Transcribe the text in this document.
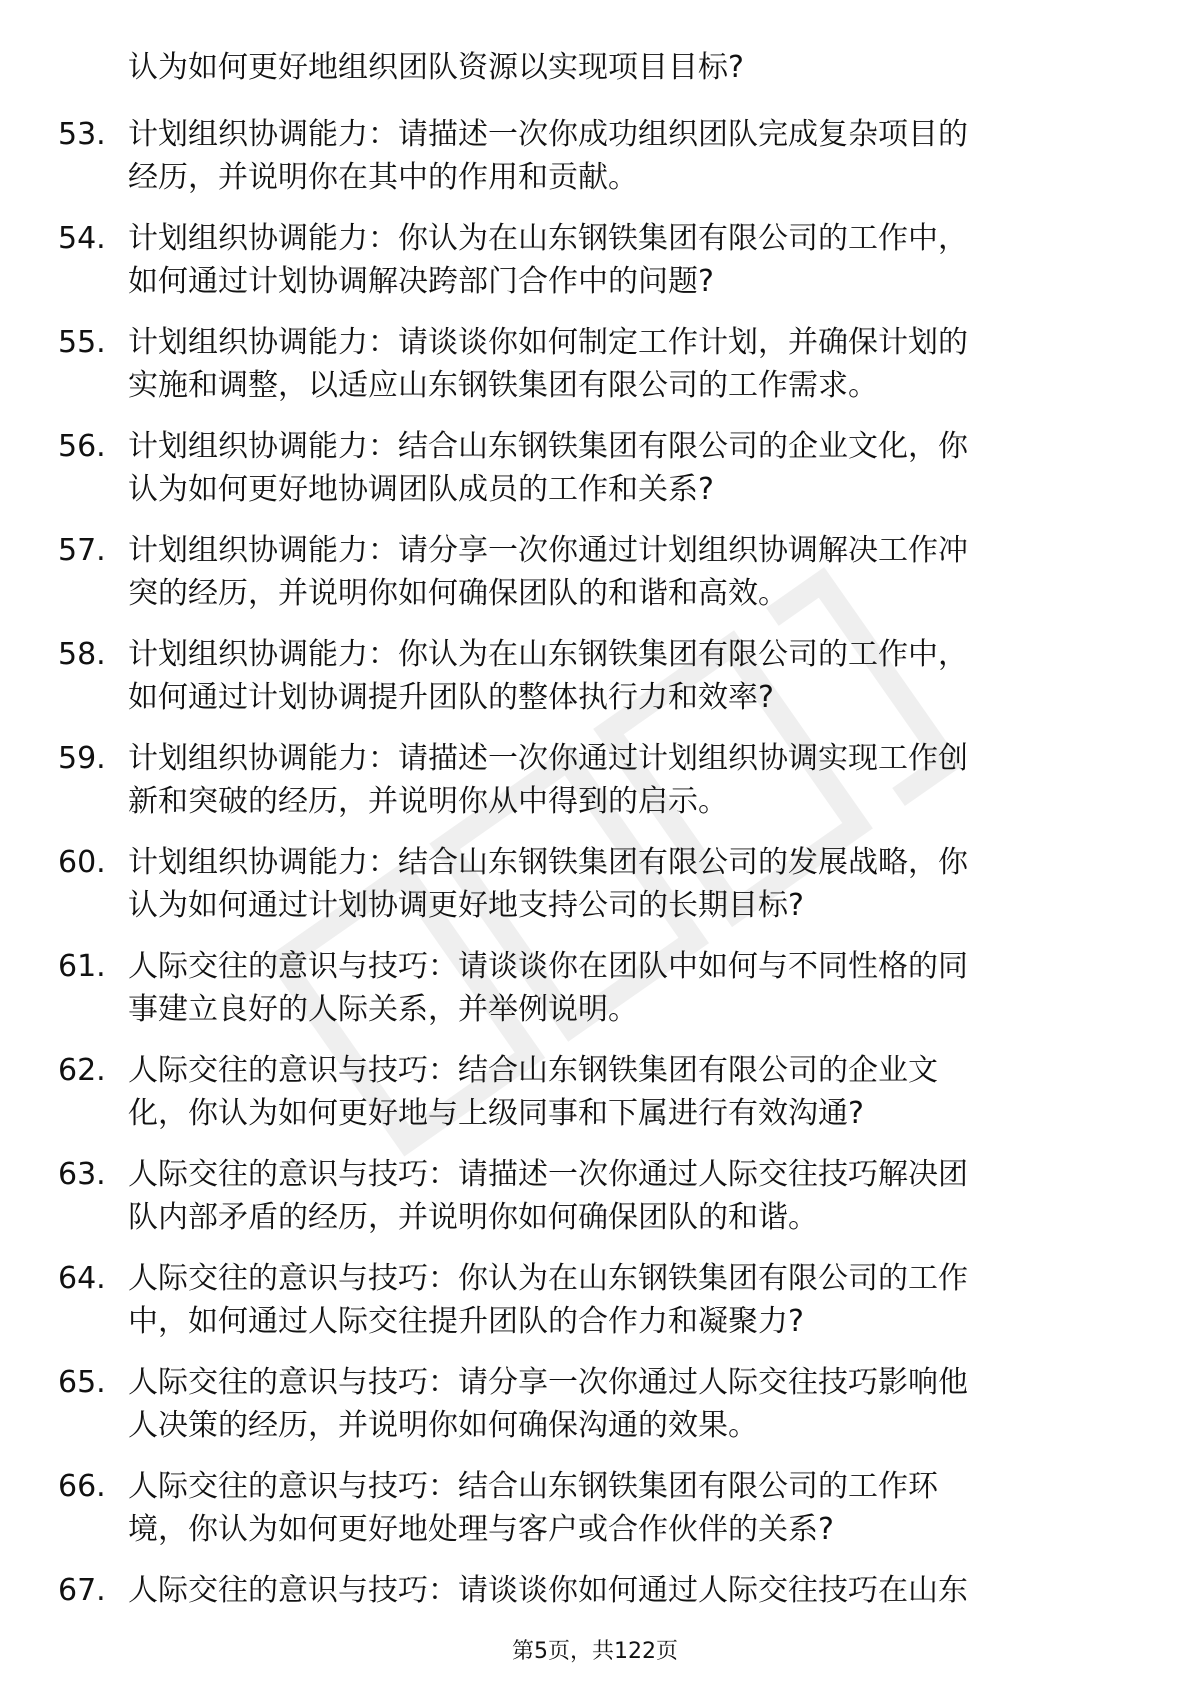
认为如何更好地组织团队资源以实现项目目标?
53. 计划组织协调能力：请描述一次你成功组织团队完成复杂项目的
经历，并说明你在其中的作用和贡献。
54. 计划组织协调能力：你认为在山东钢铁集团有限公司的工作中，
如何通过计划协调解决跨部门合作中的问题?
55. 计划组织协调能力：请谈谈你如何制定工作计划，并确保计划的
实施和调整，以适应山东钢铁集团有限公司的工作需求。
56. 计划组织协调能力：结合山东钢铁集团有限公司的企业文化，你
认为如何更好地协调团队成员的工作和关系?
57. 计划组织协调能力：请分享一次你通过计划组织协调解决工作冲
突的经历，并说明你如何确保团队的和谐和高效。
58. 计划组织协调能力：你认为在山东钢铁集团有限公司的工作中，
如何通过计划协调提升团队的整体执行力和效率?
59. 计划组织协调能力：请描述一次你通过计划组织协调实现工作创
新和突破的经历，并说明你从中得到的启示。
60. 计划组织协调能力：结合山东钢铁集团有限公司的发展战略，你
认为如何通过计划协调更好地支持公司的长期目标?
61. 人际交往的意识与技巧：请谈谈你在团队中如何与不同性格的同
事建立良好的人际关系，并举例说明。
62. 人际交往的意识与技巧：结合山东钢铁集团有限公司的企业文
化，你认为如何更好地与上级同事和下属进行有效沟通?
63. 人际交往的意识与技巧：请描述一次你通过人际交往技巧解决团
队内部矛盾的经历，并说明你如何确保团队的和谐。
64. 人际交往的意识与技巧：你认为在山东钢铁集团有限公司的工作
中，如何通过人际交往提升团队的合作力和凝聚力?
65. 人际交往的意识与技巧：请分享一次你通过人际交往技巧影响他
人决策的经历，并说明你如何确保沟通的效果。
66. 人际交往的意识与技巧：结合山东钢铁集团有限公司的工作环
境，你认为如何更好地处理与客户或合作伙伴的关系?
67. 人际交往的意识与技巧：请谈谈你如何通过人际交往技巧在山东
第5页，共122页
